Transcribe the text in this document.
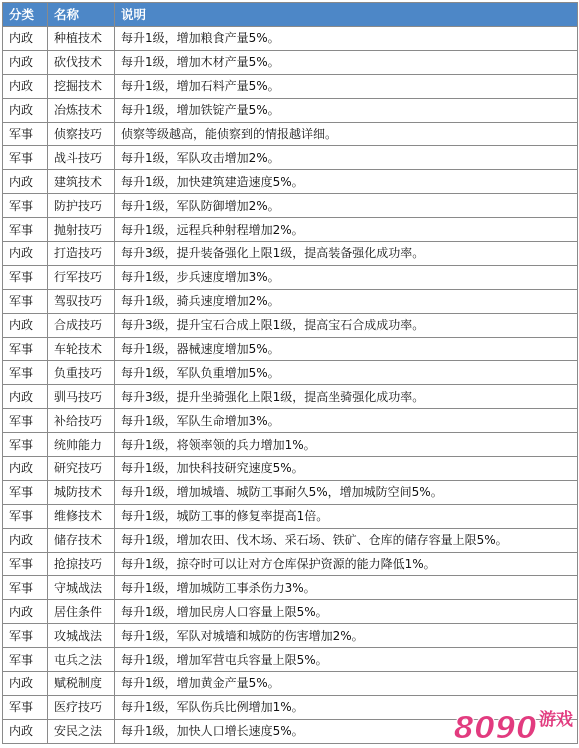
分类	名称	说明
内政	种植技术	每升1级，增加粮食产量5%。
内政	砍伐技术	每升1级，增加木材产量5%。
内政	挖掘技术	每升1级，增加石料产量5%。
内政	冶炼技术	每升1级，增加铁锭产量5%。
军事	侦察技巧	侦察等级越高，能侦察到的情报越详细。
军事	战斗技巧	每升1级，军队攻击增加2%。
内政	建筑技术	每升1级，加快建筑建造速度5%。
军事	防护技巧	每升1级，军队防御增加2%。
军事	抛射技巧	每升1级，远程兵种射程增加2%。
内政	打造技巧	每升3级，提升装备强化上限1级，提高装备强化成功率。
军事	行军技巧	每升1级，步兵速度增加3%。
军事	驾驭技巧	每升1级，骑兵速度增加2%。
内政	合成技巧	每升3级，提升宝石合成上限1级，提高宝石合成成功率。
军事	车轮技术	每升1级，器械速度增加5%。
军事	负重技巧	每升1级，军队负重增加5%。
内政	驯马技巧	每升3级，提升坐骑强化上限1级，提高坐骑强化成功率。
军事	补给技巧	每升1级，军队生命增加3%。
军事	统帅能力	每升1级，将领率领的兵力增加1%。
内政	研究技巧	每升1级，加快科技研究速度5%。
军事	城防技术	每升1级，增加城墙、城防工事耐久5%，增加城防空间5%。
军事	维修技术	每升1级，城防工事的修复率提高1倍。
内政	储存技术	每升1级，增加农田、伐木场、采石场、铁矿、仓库的储存容量上限5%。
军事	抢掠技巧	每升1级，掠夺时可以让对方仓库保护资源的能力降低1%。
军事	守城战法	每升1级，增加城防工事杀伤力3%。
内政	居住条件	每升1级，增加民房人口容量上限5%。
军事	攻城战法	每升1级，军队对城墙和城防的伤害增加2%。
军事	屯兵之法	每升1级，增加军营屯兵容量上限5%。
内政	赋税制度	每升1级，增加黄金产量5%。
军事	医疗技巧	每升1级，军队伤兵比例增加1%。
内政	安民之法	每升1级，加快人口增长速度5%。	8090 游戏
